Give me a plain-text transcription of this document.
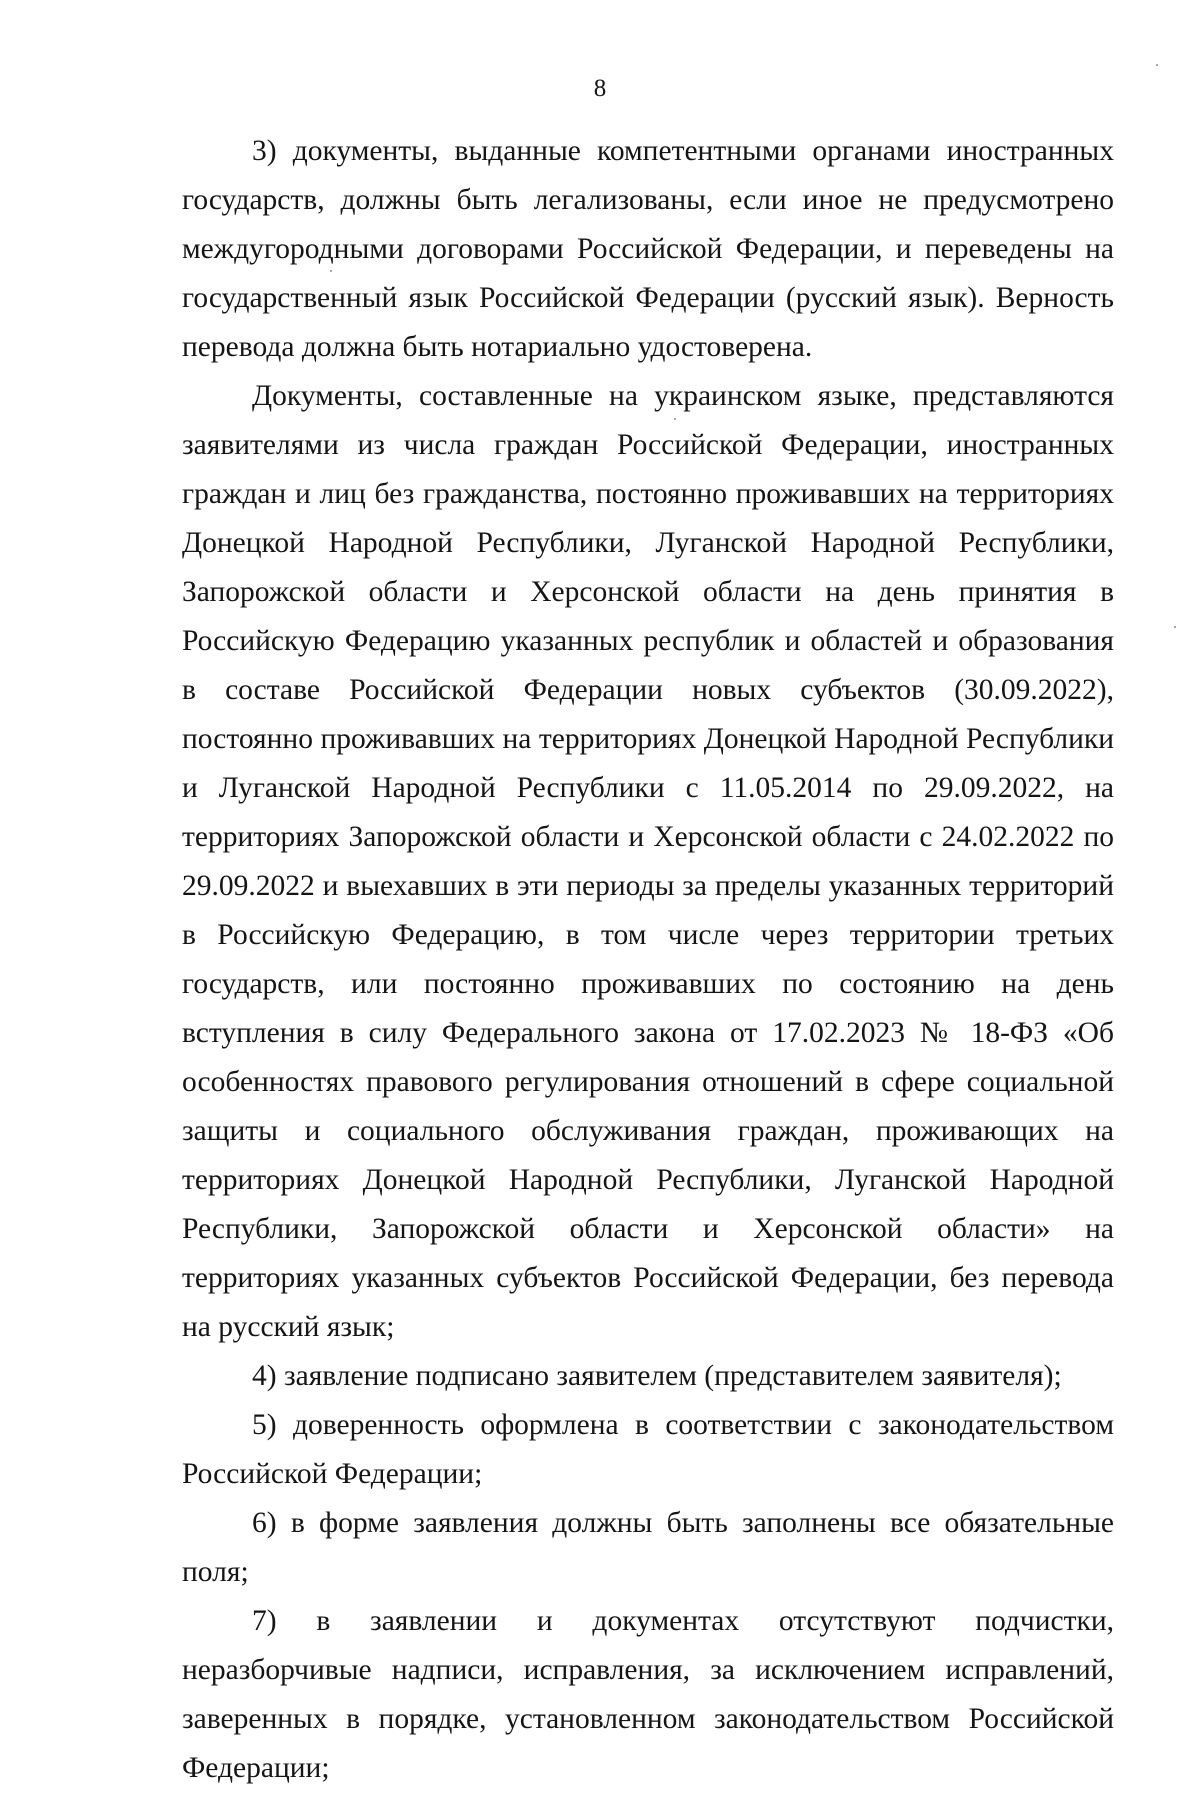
8

3) документы, выданные компетентными органами иностранных государств, должны быть легализованы, если иное не предусмотрено междугородными договорами Российской Федерации, и переведены на государственный язык Российской Федерации (русский язык). Верность перевода должна быть нотариально удостоверена.

Документы, составленные на украинском языке, представляются заявителями из числа граждан Российской Федерации, иностранных граждан и лиц без гражданства, постоянно проживавших на территориях Донецкой Народной Республики, Луганской Народной Республики, Запорожской области и Херсонской области на день принятия в Российскую Федерацию указанных республик и областей и образования в составе Российской Федерации новых субъектов (30.09.2022), постоянно проживавших на территориях Донецкой Народной Республики и Луганской Народной Республики с 11.05.2014 по 29.09.2022, на территориях Запорожской области и Херсонской области с 24.02.2022 по 29.09.2022 и выехавших в эти периоды за пределы указанных территорий в Российскую Федерацию, в том числе через территории третьих государств, или постоянно проживавших по состоянию на день вступления в силу Федерального закона от 17.02.2023 № 18-ФЗ «Об особенностях правового регулирования отношений в сфере социальной защиты и социального обслуживания граждан, проживающих на территориях Донецкой Народной Республики, Луганской Народной Республики, Запорожской области и Херсонской области» на территориях указанных субъектов Российской Федерации, без перевода на русский язык;

4) заявление подписано заявителем (представителем заявителя);

5) доверенность оформлена в соответствии с законодательством Российской Федерации;

6) в форме заявления должны быть заполнены все обязательные поля;

7) в заявлении и документах отсутствуют подчистки, неразборчивые надписи, исправления, за исключением исправлений, заверенных в порядке, установленном законодательством Российской Федерации;
